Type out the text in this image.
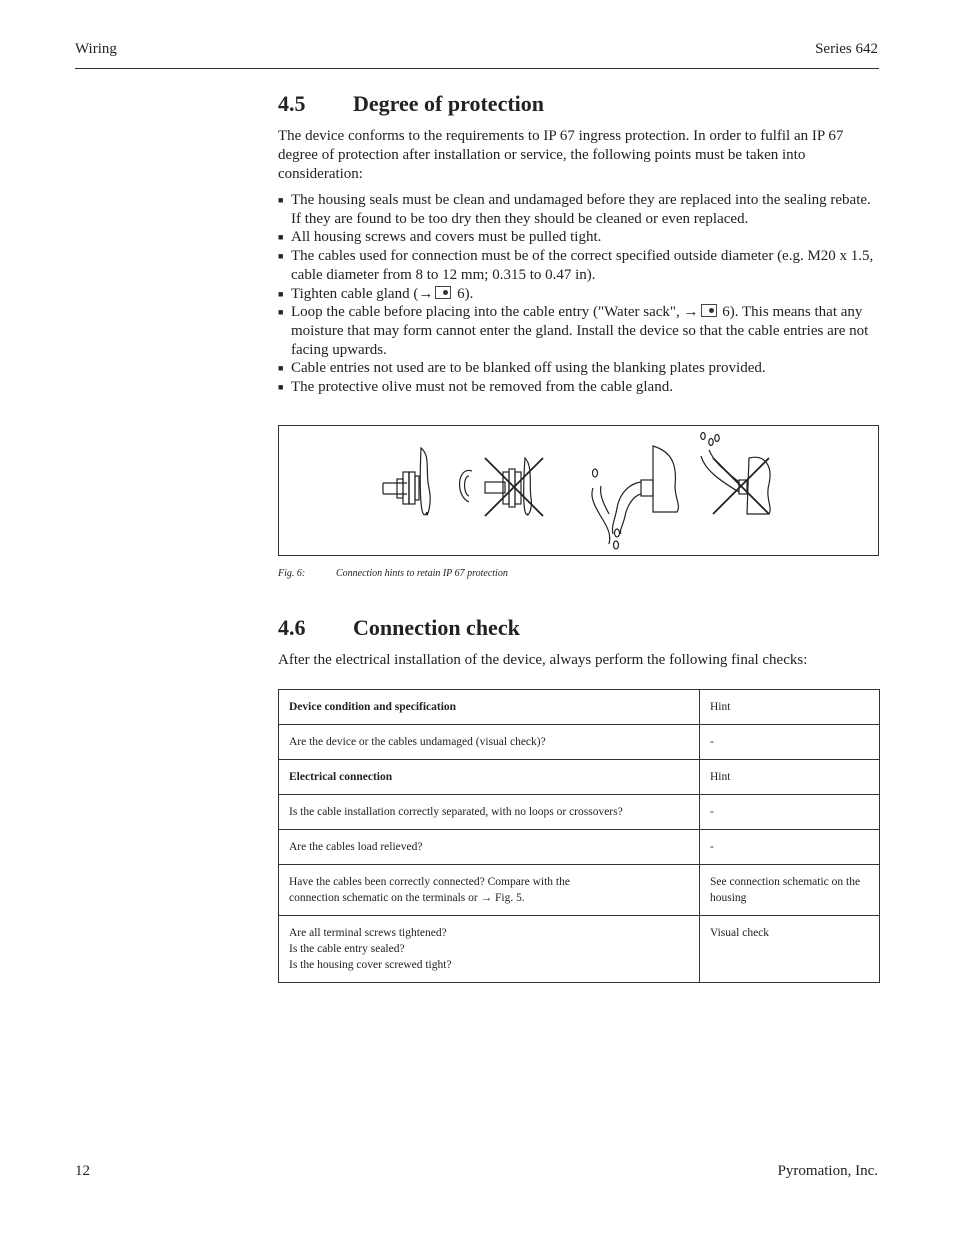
Wiring	Series 642
4.5 Degree of protection
The device conforms to the requirements to IP 67 ingress protection. In order to fulfil an IP 67 degree of protection after installation or service, the following points must be taken into consideration:
■ The housing seals must be clean and undamaged before they are replaced into the sealing rebate. If they are found to be too dry then they should be cleaned or even replaced.
■ All housing screws and covers must be pulled tight.
■ The cables used for connection must be of the correct specified outside diameter (e.g. M20 x 1.5, cable diameter from 8 to 12 mm; 0.315 to 0.47 in).
■ Tighten cable gland (→ 6).
■ Loop the cable before placing into the cable entry ("Water sack", → 6). This means that any moisture that may form cannot enter the gland. Install the device so that the cable entries are not facing upwards.
■ Cable entries not used are to be blanked off using the blanking plates provided.
■ The protective olive must not be removed from the cable gland.
Fig. 6:	Connection hints to retain IP 67 protection
4.6 Connection check
After the electrical installation of the device, always perform the following final checks:
Device condition and specification	Hint
Are the device or the cables undamaged (visual check)?	-
Electrical connection	Hint
Is the cable installation correctly separated, with no loops or crossovers?	-
Are the cables load relieved?	-

Have the cables been correctly connected? Compare with the
connection schematic on the terminals or → Fig. 5.	See connection schematic on the housing

Are all terminal screws tightened?
Is the cable entry sealed?
Is the housing cover screwed tight?	Visual check
12	Pyromation, Inc.
